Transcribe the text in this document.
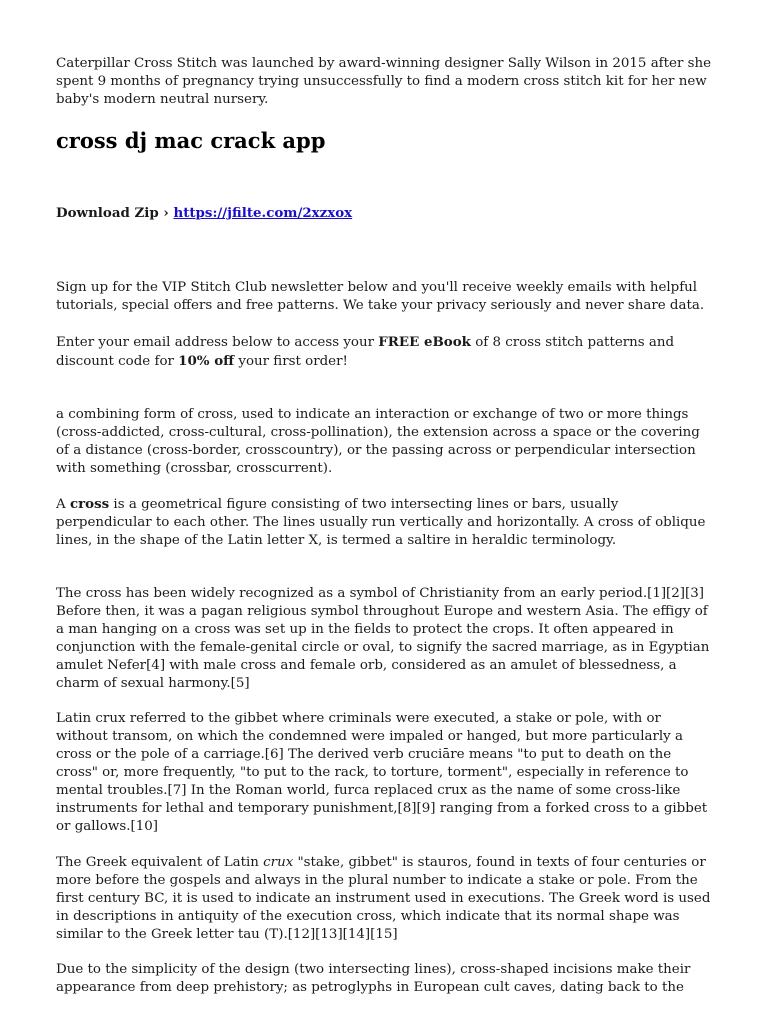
Caterpillar Cross Stitch was launched by award-winning designer Sally Wilson in 2015 after she spent 9 months of pregnancy trying unsuccessfully to find a modern cross stitch kit for her new baby's modern neutral nursery.

cross dj mac crack app

Download Zip › https://jfilte.com/2xzxox

Sign up for the VIP Stitch Club newsletter below and you'll receive weekly emails with helpful tutorials, special offers and free patterns. We take your privacy seriously and never share data.

Enter your email address below to access your FREE eBook of 8 cross stitch patterns and discount code for 10% off your first order!

a combining form of cross, used to indicate an interaction or exchange of two or more things (cross-addicted, cross-cultural, cross-pollination), the extension across a space or the covering of a distance (cross-border, crosscountry), or the passing across or perpendicular intersection with something (crossbar, crosscurrent).

A cross is a geometrical figure consisting of two intersecting lines or bars, usually perpendicular to each other. The lines usually run vertically and horizontally. A cross of oblique lines, in the shape of the Latin letter X, is termed a saltire in heraldic terminology.

The cross has been widely recognized as a symbol of Christianity from an early period.[1][2][3] Before then, it was a pagan religious symbol throughout Europe and western Asia. The effigy of a man hanging on a cross was set up in the fields to protect the crops. It often appeared in conjunction with the female-genital circle or oval, to signify the sacred marriage, as in Egyptian amulet Nefer[4] with male cross and female orb, considered as an amulet of blessedness, a charm of sexual harmony.[5]

Latin crux referred to the gibbet where criminals were executed, a stake or pole, with or without transom, on which the condemned were impaled or hanged, but more particularly a cross or the pole of a carriage.[6] The derived verb cruciāre means "to put to death on the cross" or, more frequently, "to put to the rack, to torture, torment", especially in reference to mental troubles.[7] In the Roman world, furca replaced crux as the name of some cross-like instruments for lethal and temporary punishment,[8][9] ranging from a forked cross to a gibbet or gallows.[10]

The Greek equivalent of Latin crux "stake, gibbet" is stauros, found in texts of four centuries or more before the gospels and always in the plural number to indicate a stake or pole. From the first century BC, it is used to indicate an instrument used in executions. The Greek word is used in descriptions in antiquity of the execution cross, which indicate that its normal shape was similar to the Greek letter tau (Τ).[12][13][14][15]

Due to the simplicity of the design (two intersecting lines), cross-shaped incisions make their appearance from deep prehistory; as petroglyphs in European cult caves, dating back to the
